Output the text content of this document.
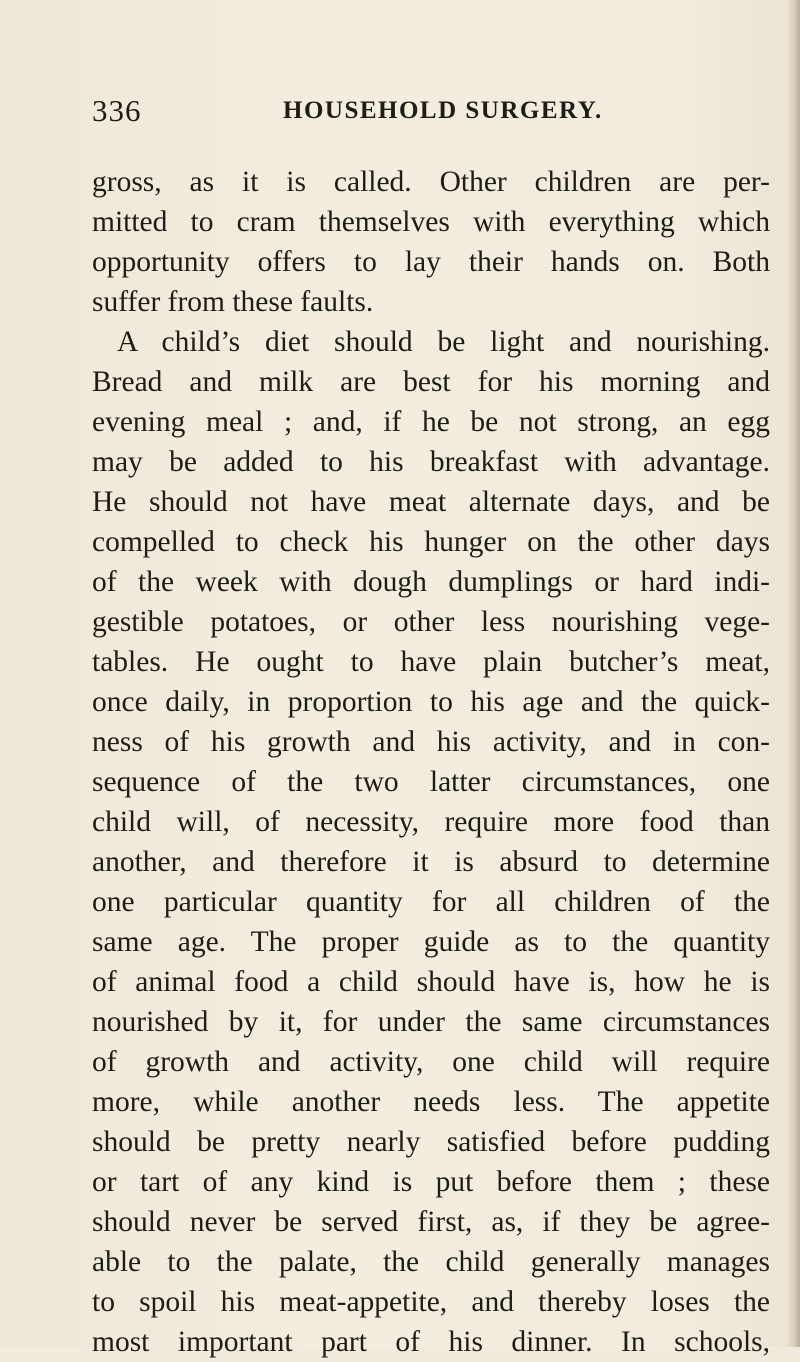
336	HOUSEHOLD SURGERY.
gross, as it is called. Other children are per-
mitted to cram themselves with everything which
opportunity offers to lay their hands on. Both
suffer from these faults.
A child’s diet should be light and nourishing.
Bread and milk are best for his morning and
evening meal ; and, if he be not strong, an egg
may be added to his breakfast with advantage.
He should not have meat alternate days, and be
compelled to check his hunger on the other days
of the week with dough dumplings or hard indi-
gestible potatoes, or other less nourishing vege-
tables. He ought to have plain butcher’s meat,
once daily, in proportion to his age and the quick-
ness of his growth and his activity, and in con-
sequence of the two latter circumstances, one
child will, of necessity, require more food than
another, and therefore it is absurd to determine
one particular quantity for all children of the
same age. The proper guide as to the quantity
of animal food a child should have is, how he is
nourished by it, for under the same circumstances
of growth and activity, one child will require
more, while another needs less. The appetite
should be pretty nearly satisfied before pudding
or tart of any kind is put before them ; these
should never be served first, as, if they be agree-
able to the palate, the child generally manages
to spoil his meat-appetite, and thereby loses the
most important part of his dinner. In schools,
